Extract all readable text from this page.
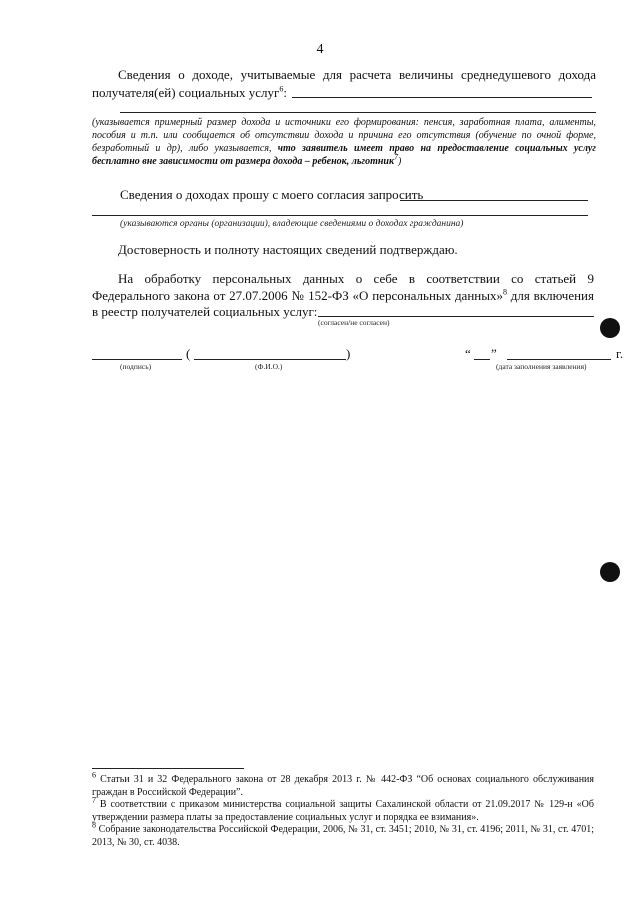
4
Сведения о доходе, учитываемые для расчета величины среднедушевого дохода
получателя(ей) социальных услуг$^6$:
(указывается примерный размер дохода и источники его формирования: пенсия, заработная плата, алименты, пособия и т.п. или сообщается об отсутствии дохода и причина его отсутствия (обучение по очной форме, безработный и др), либо указывается, что заявитель имеет право на предоставление социальных услуг бесплатно вне зависимости от размера дохода – ребенок, льготник$^7$)
Сведения о доходах прошу с моего согласия запросить
(указываются органы (организации), владеющие сведениями о доходах гражданина)
Достоверность и полноту настоящих сведений подтверждаю.
На обработку персональных данных о себе в соответствии со статьей 9
Федерального закона от 27.07.2006 № 152-ФЗ «О персональных данных»$^8$ для включения
в реестр получателей социальных услуг:
(согласен/не согласен)
(подпись)
(	)
(Ф.И.О.)
“ ”	г.
(дата заполнения заявления)
$^6$ Статьи 31 и 32 Федерального закона от 28 декабря 2013 г. № 442-ФЗ “Об основах социального обслуживания граждан в Российской Федерации”.
$^7$ В соответствии с приказом министерства социальной защиты Сахалинской области от 21.09.2017 № 129-н «Об утверждении размера платы за предоставление социальных услуг и порядка ее взимания».
$^8$ Собрание законодательства Российской Федерации, 2006, № 31, ст. 3451; 2010, № 31, ст. 4196; 2011, № 31, ст. 4701; 2013, № 30, ст. 4038.
